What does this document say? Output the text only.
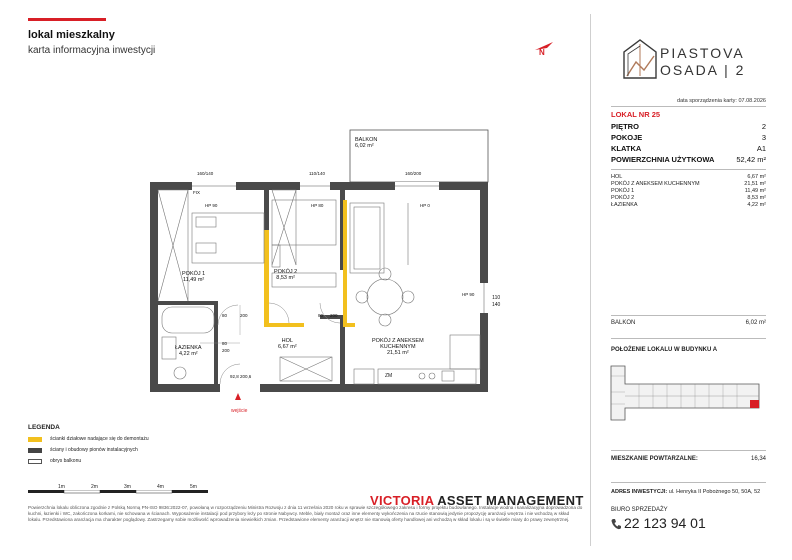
lokal mieszkalny
karta informacyjna inwestycji	N	PIASTOVA
OSADA | 2
data sporządzenia karty: 07.08.2026
LOKAL NR 25
PIĘTRO	2
POKOJE	3
KLATKA	A1
POWIERZCHNIA UŻYTKOWA	52,42 m²
HOL	6,67 m²
POKÓJ Z ANEKSEM KUCHENNYM	21,51 m²
POKÓJ 1	11,49 m²
POKÓJ 2	8,53 m²
ŁAZIENKA	4,22 m²
BALKON	6,02 m²
POŁOŻENIE LOKALU W BUDYNKU A
MIESZKANIE POWTARZALNE:	16,34
ADRES INWESTYCJI: ul. Henryka II Pobożnego 50, 50A, 52
BIURO SPRZEDAŻY
22 123 94 01
BALKON
6,02 m²
POKÓJ 1
11,49 m²
POKÓJ 2
8,53 m²
HOL
6,67 m²
ŁAZIENKA
4,22 m²
POKÓJ Z ANEKSEM
KUCHENNYM
21,51 m²
160/140	110/140	160/200
110
140
FIX
HP 90	HP 80	HP 0
HP 90
80	200	80 200
80
200
92,8 200,6	ZM
wejście
LEGENDA
ścianki działowe nadające się do demontażu
ściany i obudowy pionów instalacyjnych
obrys balkonu
1m	2m	3m	4m	5m
VICTORIA ASSET MANAGEMENT
Powierzchnia lokalu obliczona zgodnie z Polską Normą PN-ISO 9836:2022-07, powołaną w rozporządzeniu Ministra Rozwoju z dnia 11 września 2020 roku w sprawie szczegółowego zakresu i formy projektu budowlanego. Instalacje wodna i kanalizacyjna doprowadzona do kuchni, łazienki i WC, zakończona korkami, nie schowana w ścianach. Wyposażenie instalacji pod przybory leży po stronie Nabywcy. Meble, biały montaż oraz inne elementy wykończenia na rzucie stanowią jedynie propozycję aranżacji wnętrza i nie wchodzą w skład lokalu. Przedstawiona aranżacja ma charakter poglądowy. Zastrzegamy sobie możliwość wprowadzenia niewielkich zmian. Przedstawione elementy aranżacji wnętrz nie stanowią oferty handlowej ani wchodzą w skład lokalu i są w świetle miary do prawy zewnętrznej.
